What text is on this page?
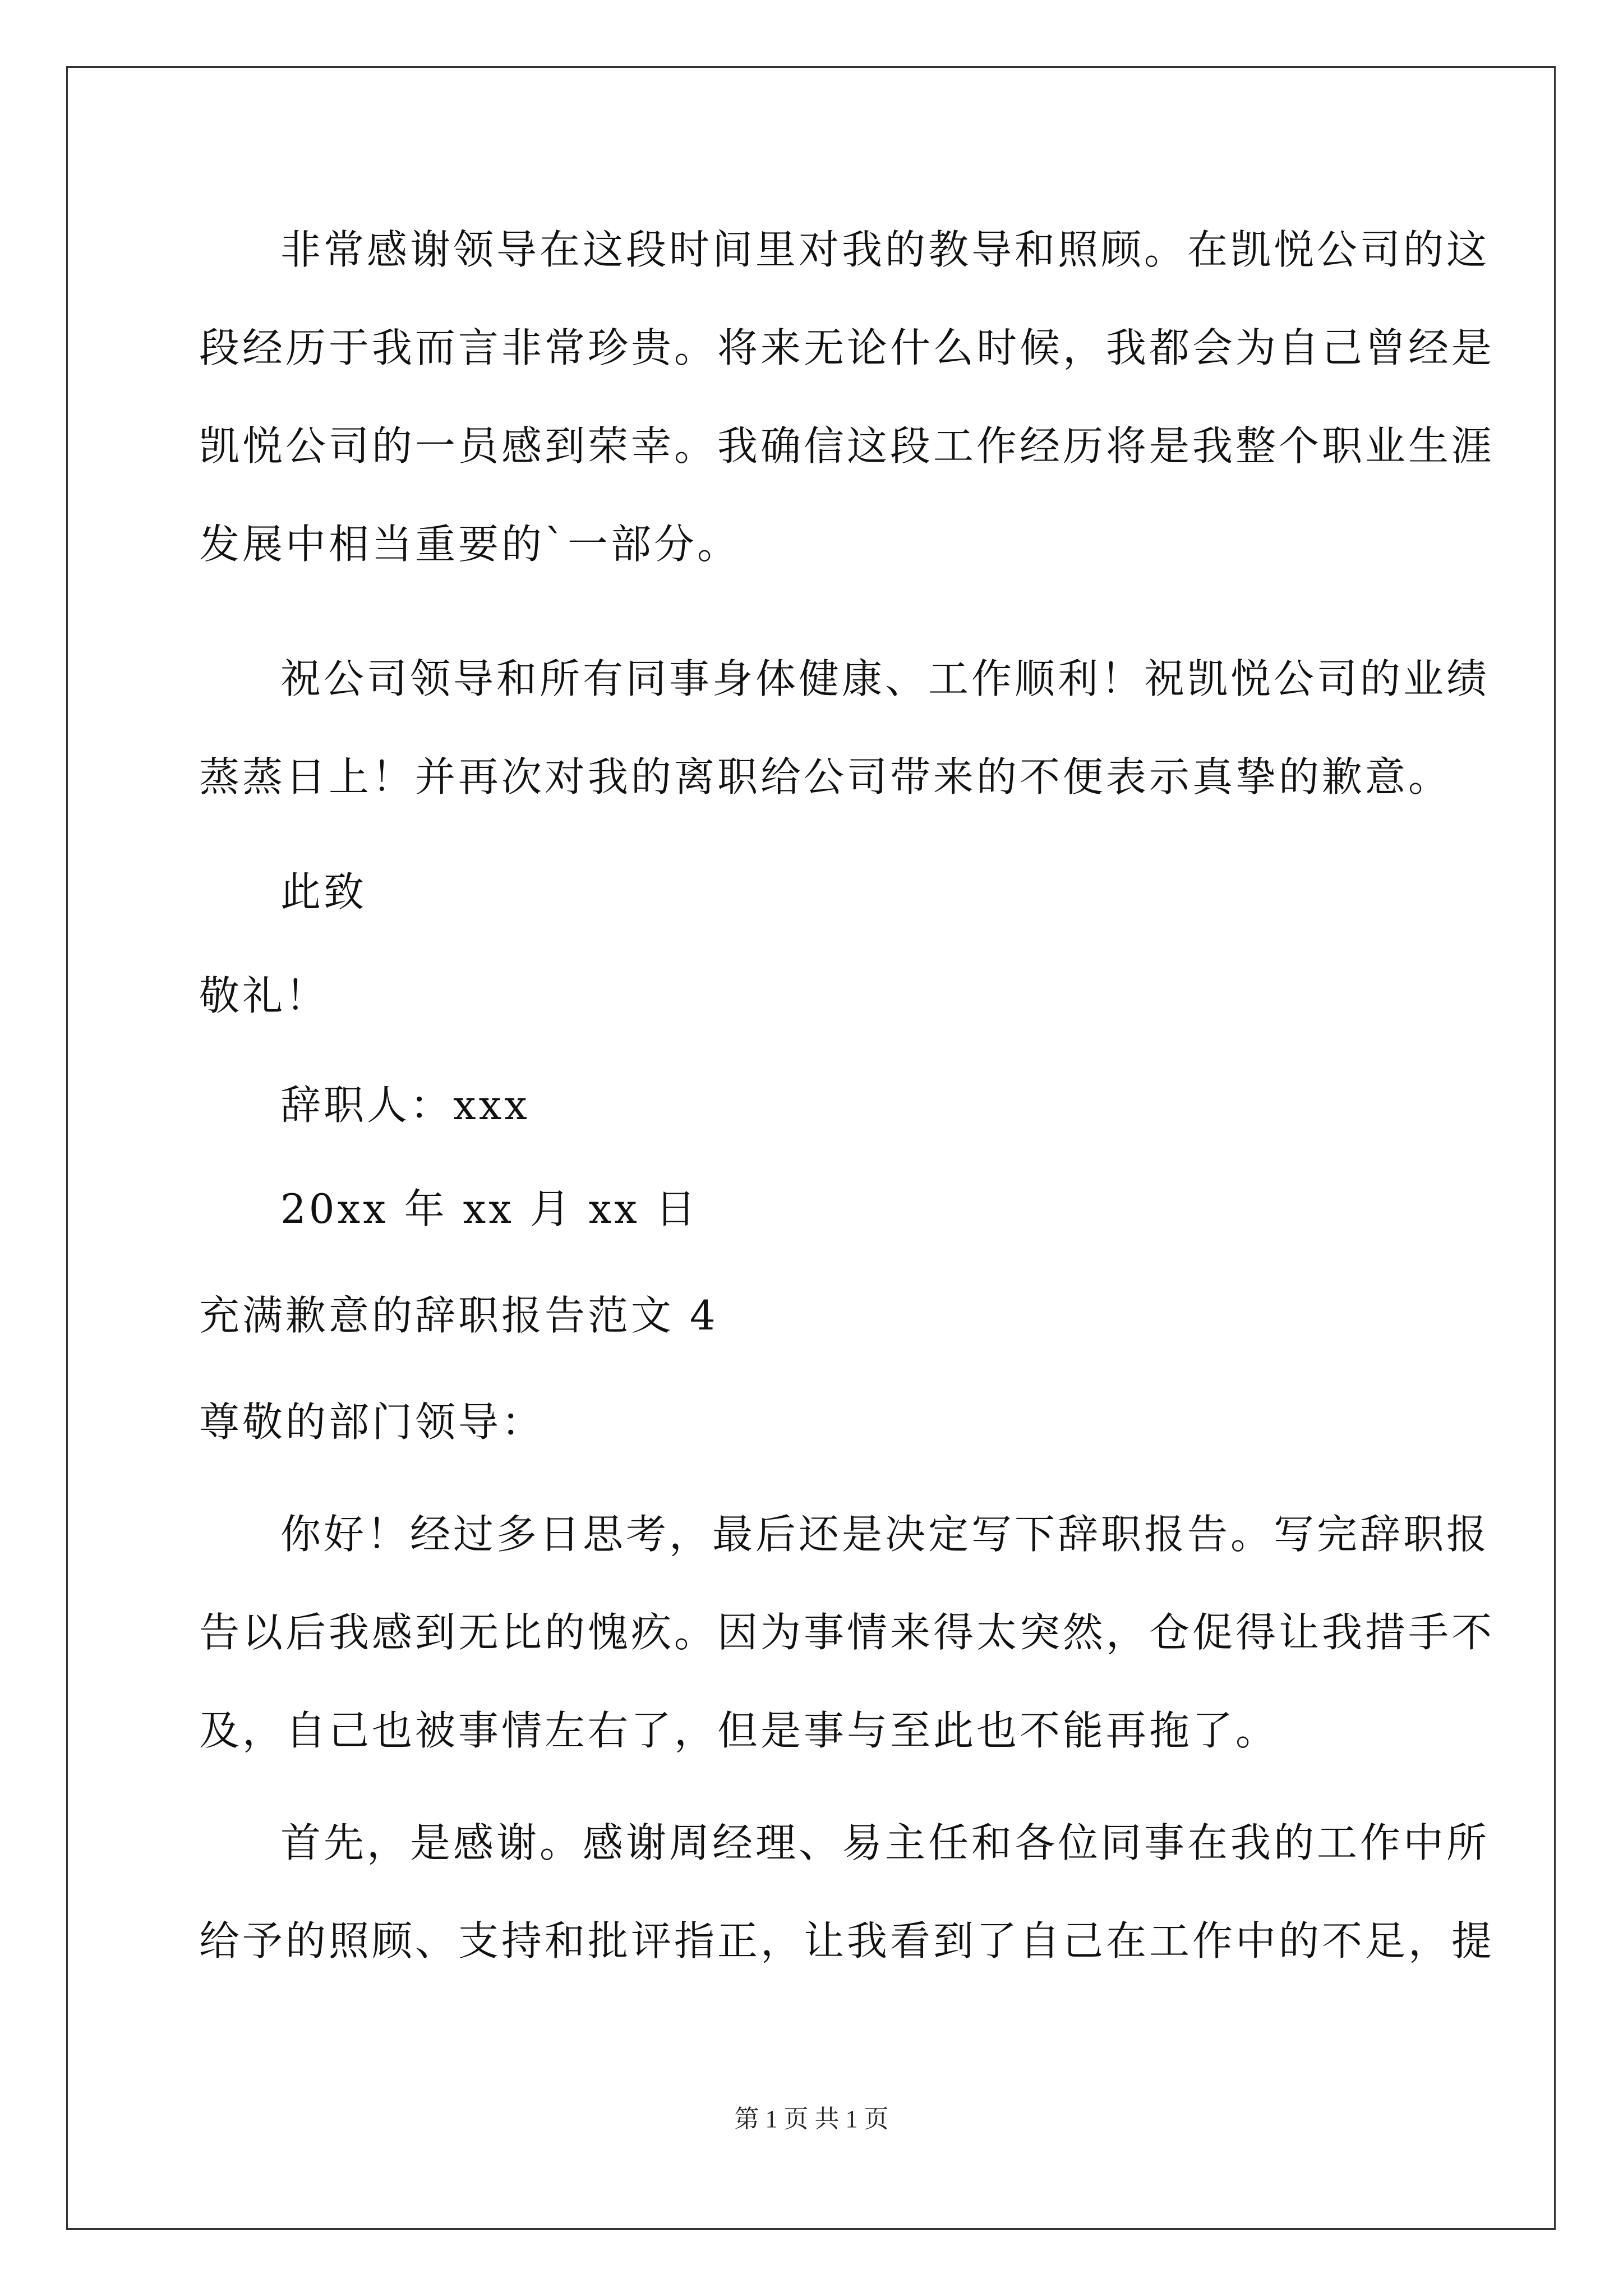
非常感谢领导在这段时间里对我的教导和照顾。在凯悦公司的这
段经历于我而言非常珍贵。将来无论什么时候，我都会为自己曾经是
凯悦公司的一员感到荣幸。我确信这段工作经历将是我整个职业生涯
发展中相当重要的`一部分。
祝公司领导和所有同事身体健康、工作顺利！祝凯悦公司的业绩
蒸蒸日上！并再次对我的离职给公司带来的不便表示真挚的歉意。
此致
敬礼！
辞职人：xxx
20xx 年 xx 月 xx 日
充满歉意的辞职报告范文 4
尊敬的部门领导：
你好！经过多日思考，最后还是决定写下辞职报告。写完辞职报
告以后我感到无比的愧疚。因为事情来得太突然，仓促得让我措手不
及，自己也被事情左右了，但是事与至此也不能再拖了。
首先，是感谢。感谢周经理、易主任和各位同事在我的工作中所
给予的照顾、支持和批评指正，让我看到了自己在工作中的不足，提
第 1 页 共 1 页
